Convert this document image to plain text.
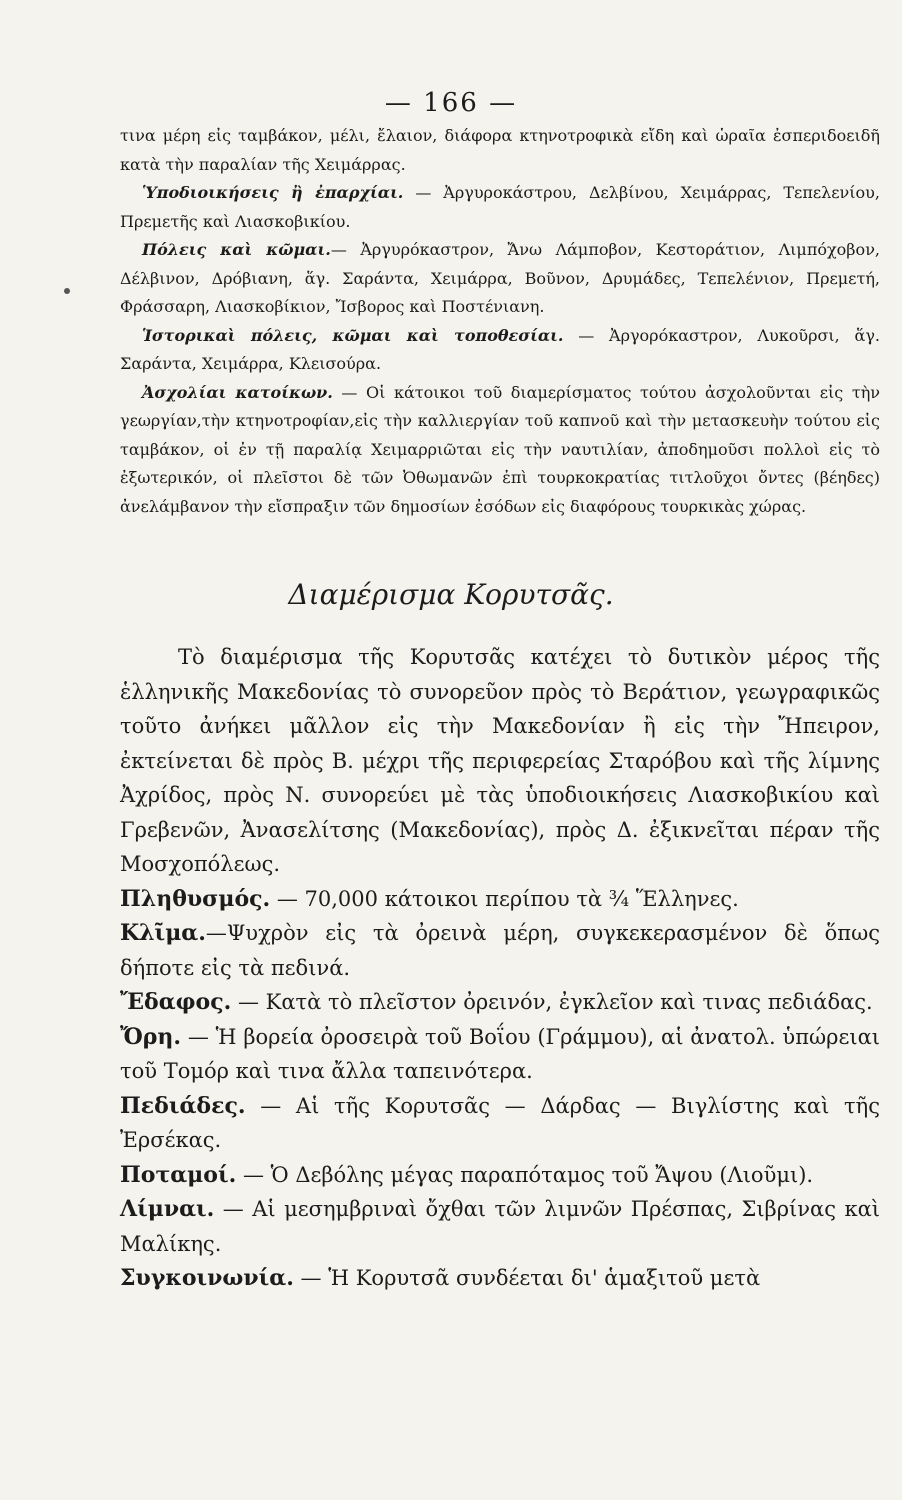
— 166 —

τινα μέρη εἰς ταμβάκον, μέλι, ἔλαιον, διάφορα κτηνοτροφικὰ εἴδη καὶ ὡραῖα ἐσπεριδοειδῆ κατὰ τὴν παραλίαν τῆς Χειμάρρας.

Ὑποδιοικήσεις ἢ ἐπαρχίαι. — Ἀργυροκάστρου, Δελβίνου, Χειμάρρας, Τεπελενίου, Πρεμετῆς καὶ Λιασκοβικίου.

Πόλεις καὶ κῶμαι.— Ἀργυρόκαστρον, Ἄνω Λάμποβον, Κεστοράτιον, Λιμπόχοβον, Δέλβινον, Δρόβιανη, ἅγ. Σαράντα, Χειμάρρα, Βοῦνον, Δρυμάδες, Τεπελένιον, Πρεμετή, Φράσσαρη, Λιασκοβίκιον, Ἴσβορος καὶ Ποστένιανη.

Ἱστορικαὶ πόλεις, κῶμαι καὶ τοποθεσίαι. — Ἀργορόκαστρον, Λυκοῦρσι, ἅγ. Σαράντα, Χειμάρρα, Κλεισούρα.

Ἀσχολίαι κατοίκων. — Οἱ κάτοικοι τοῦ διαμερίσματος τούτου ἀσχολοῦνται εἰς τὴν γεωργίαν,τὴν κτηνοτροφίαν,εἰς τὴν καλλιεργίαν τοῦ καπνοῦ καὶ τὴν μετασκευὴν τούτου εἰς ταμβάκον, οἱ ἐν τῇ παραλίᾳ Χειμαρριῶται εἰς τὴν ναυτιλίαν, ἀποδημοῦσι πολλοὶ εἰς τὸ ἐξωτερικόν, οἱ πλεῖστοι δὲ τῶν Ὀθωμανῶν ἐπὶ τουρκοκρατίας τιτλοῦχοι ὄντες (βέηδες) ἀνελάμβανον τὴν εἴσπραξιν τῶν δημοσίων ἐσόδων εἰς διαφόρους τουρκικὰς χώρας.

Διαμέρισμα Κορυτσᾶς.

Τὸ διαμέρισμα τῆς Κορυτσᾶς κατέχει τὸ δυτικὸν μέρος τῆς ἑλληνικῆς Μακεδονίας τὸ συνορεῦον πρὸς τὸ Βεράτιον, γεωγραφικῶς τοῦτο ἀνήκει μᾶλλον εἰς τὴν Μακεδονίαν ἢ εἰς τὴν Ἤπειρον, ἐκτείνεται δὲ πρὸς Β. μέχρι τῆς περιφερείας Σταρόβου καὶ τῆς λίμνης Ἀχρίδος, πρὸς Ν. συνορεύει μὲ τὰς ὑποδιοικήσεις Λιασκοβικίου καὶ Γρεβενῶν, Ἀνασελίτσης (Μακεδονίας), πρὸς Δ. ἐξικνεῖται πέραν τῆς Μοσχοπόλεως.

Πληθυσμός. — 70,000 κάτοικοι περίπου τὰ ¾ Ἕλληνες.

Κλῖμα.—Ψυχρὸν εἰς τὰ ὀρεινὰ μέρη, συγκεκερασμένον δὲ ὅπως δήποτε εἰς τὰ πεδινά.

Ἔδαφος. — Κατὰ τὸ πλεῖστον ὀρεινόν, ἐγκλεῖον καὶ τινας πεδιάδας.

Ὄρη. — Ἡ βορεία ὀροσειρὰ τοῦ Βοΐου (Γράμμου), αἱ ἀνατολ. ὑπώρειαι τοῦ Τομόρ καὶ τινα ἄλλα ταπεινότερα.

Πεδιάδες. — Αἱ τῆς Κορυτσᾶς — Δάρδας — Βιγλίστης καὶ τῆς Ἐρσέκας.

Ποταμοί. — Ὁ Δεβόλης μέγας παραπόταμος τοῦ Ἄψου (Λιοῦμι).

Λίμναι. — Αἱ μεσημβριναὶ ὄχθαι τῶν λιμνῶν Πρέσπας, Σιβρίνας καὶ Μαλίκης.

Συγκοινωνία. — Ἡ Κορυτσᾶ συνδέεται δι' ἁμαξιτοῦ μετὰ
